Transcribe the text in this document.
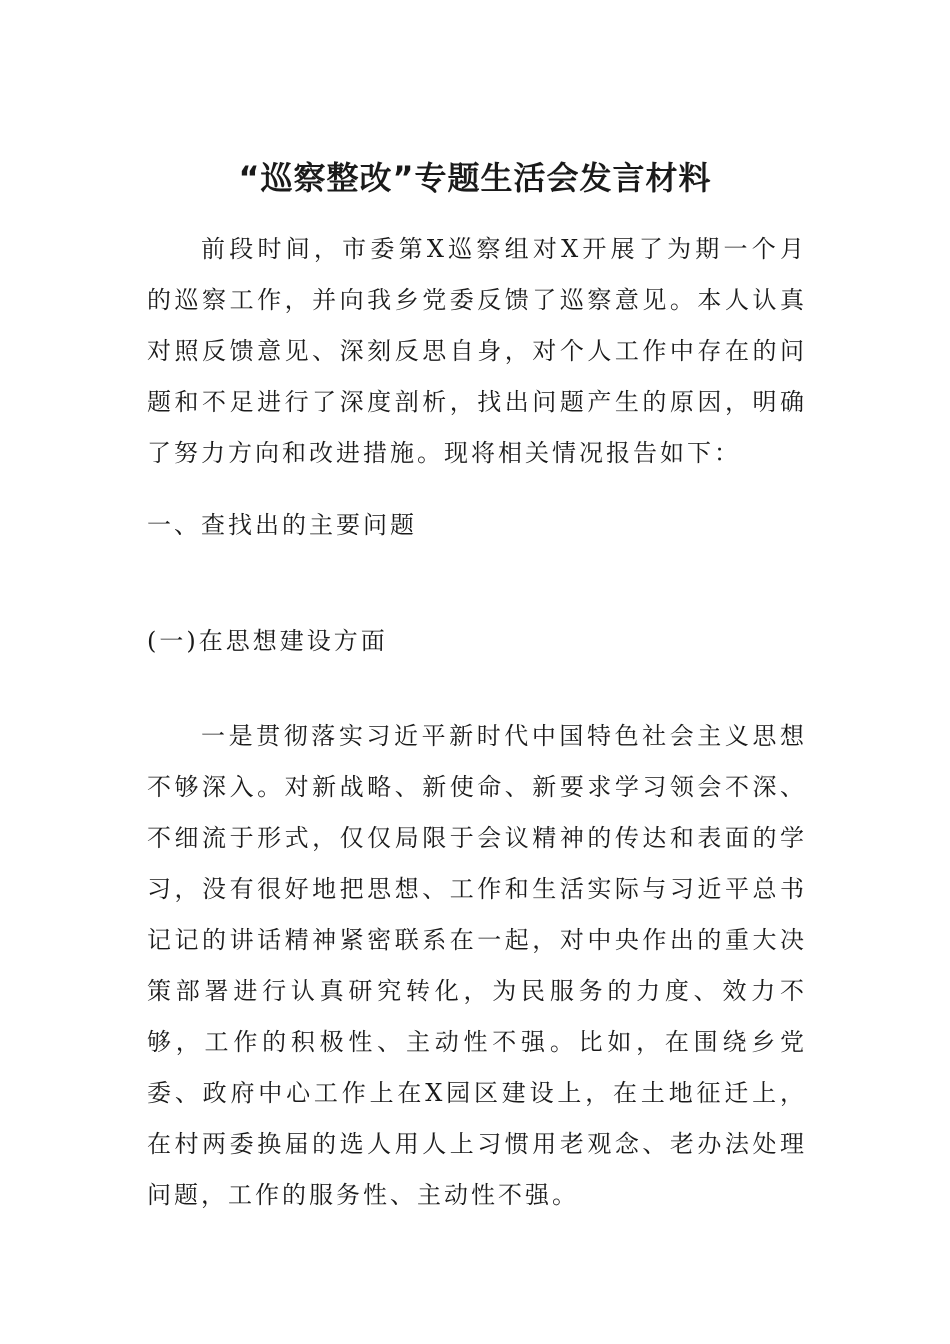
“巡察整改”专题生活会发言材料

前段时间，市委第X巡察组对X开展了为期一个月的巡察工作，并向我乡党委反馈了巡察意见。本人认真对照反馈意见、深刻反思自身，对个人工作中存在的问题和不足进行了深度剖析，找出问题产生的原因，明确了努力方向和改进措施。现将相关情况报告如下：

一、查找出的主要问题

(一)在思想建设方面

一是贯彻落实习近平新时代中国特色社会主义思想不够深入。对新战略、新使命、新要求学习领会不深、不细流于形式，仅仅局限于会议精神的传达和表面的学习，没有很好地把思想、工作和生活实际与习近平总书记记的讲话精神紧密联系在一起，对中央作出的重大决策部署进行认真研究转化，为民服务的力度、效力不够，工作的积极性、主动性不强。比如，在围绕乡党委、政府中心工作上在X园区建设上，在土地征迁上，在村两委换届的选人用人上习惯用老观念、老办法处理问题，工作的服务性、主动性不强。
